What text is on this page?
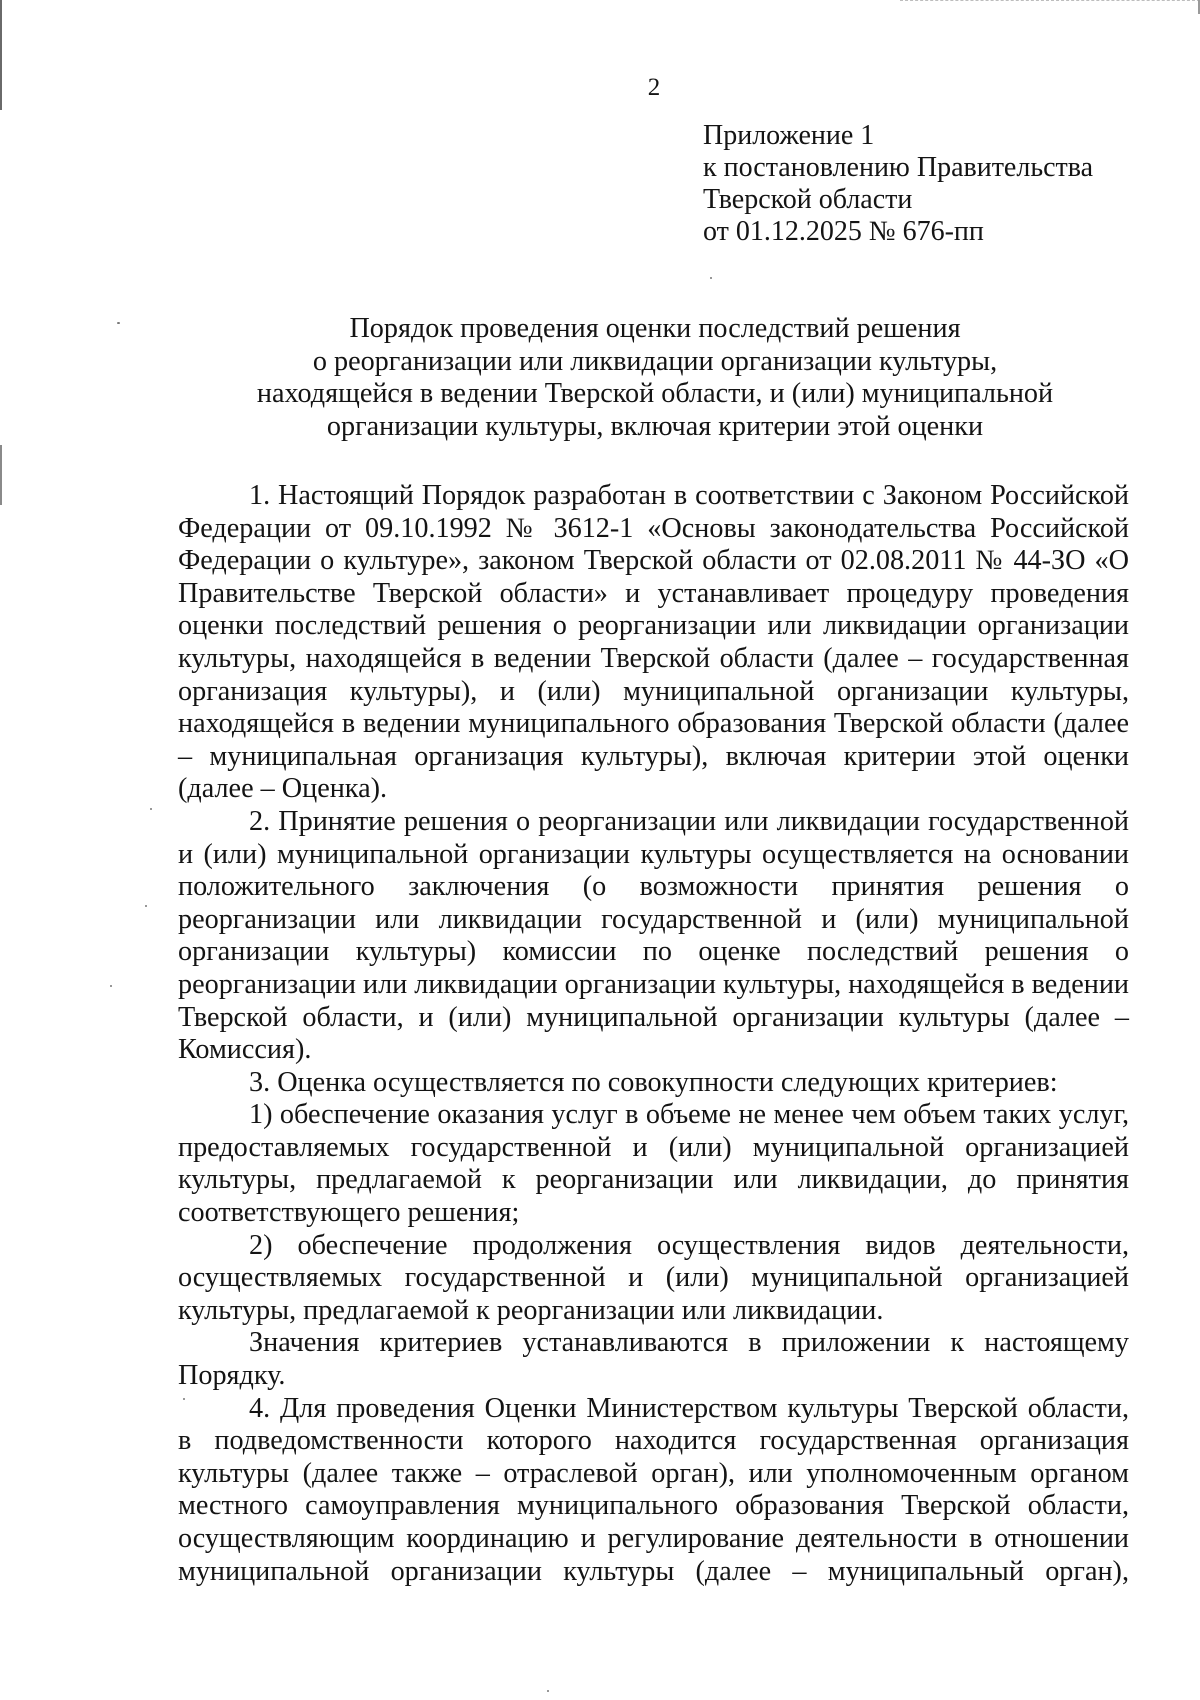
2
Приложение 1
к постановлению Правительства
Тверской области
от 01.12.2025 № 676-пп
Порядок проведения оценки последствий решения
о реорганизации или ликвидации организации культуры,
находящейся в ведении Тверской области, и (или) муниципальной
организации культуры, включая критерии этой оценки

1. Настоящий Порядок разработан в соответствии с Законом Российской Федерации от 09.10.1992 № 3612-1 «Основы законодательства Российской Федерации о культуре», законом Тверской области от 02.08.2011 № 44-ЗО «О Правительстве Тверской области» и устанавливает процедуру проведения оценки последствий решения о реорганизации или ликвидации организации культуры, находящейся в ведении Тверской области (далее – государственная организация культуры), и (или) муниципальной организации культуры, находящейся в ведении муниципального образования Тверской области (далее – муниципальная организация культуры), включая критерии этой оценки (далее – Оценка).

2. Принятие решения о реорганизации или ликвидации государственной и (или) муниципальной организации культуры осуществляется на основании положительного заключения (о возможности принятия решения о реорганизации или ликвидации государственной и (или) муниципальной организации культуры) комиссии по оценке последствий решения о реорганизации или ликвидации организации культуры, находящейся в ведении Тверской области, и (или) муниципальной организации культуры (далее – Комиссия).

3. Оценка осуществляется по совокупности следующих критериев:

1) обеспечение оказания услуг в объеме не менее чем объем таких услуг, предоставляемых государственной и (или) муниципальной организацией культуры, предлагаемой к реорганизации или ликвидации, до принятия соответствующего решения;

2) обеспечение продолжения осуществления видов деятельности, осуществляемых государственной и (или) муниципальной организацией культуры, предлагаемой к реорганизации или ликвидации.

Значения критериев устанавливаются в приложении к настоящему Порядку.

4. Для проведения Оценки Министерством культуры Тверской области, в подведомственности которого находится государственная организация культуры (далее также – отраслевой орган), или уполномоченным органом местного самоуправления муниципального образования Тверской области, осуществляющим координацию и регулирование деятельности в отношении муниципальной организации культуры (далее – муниципальный орган),
